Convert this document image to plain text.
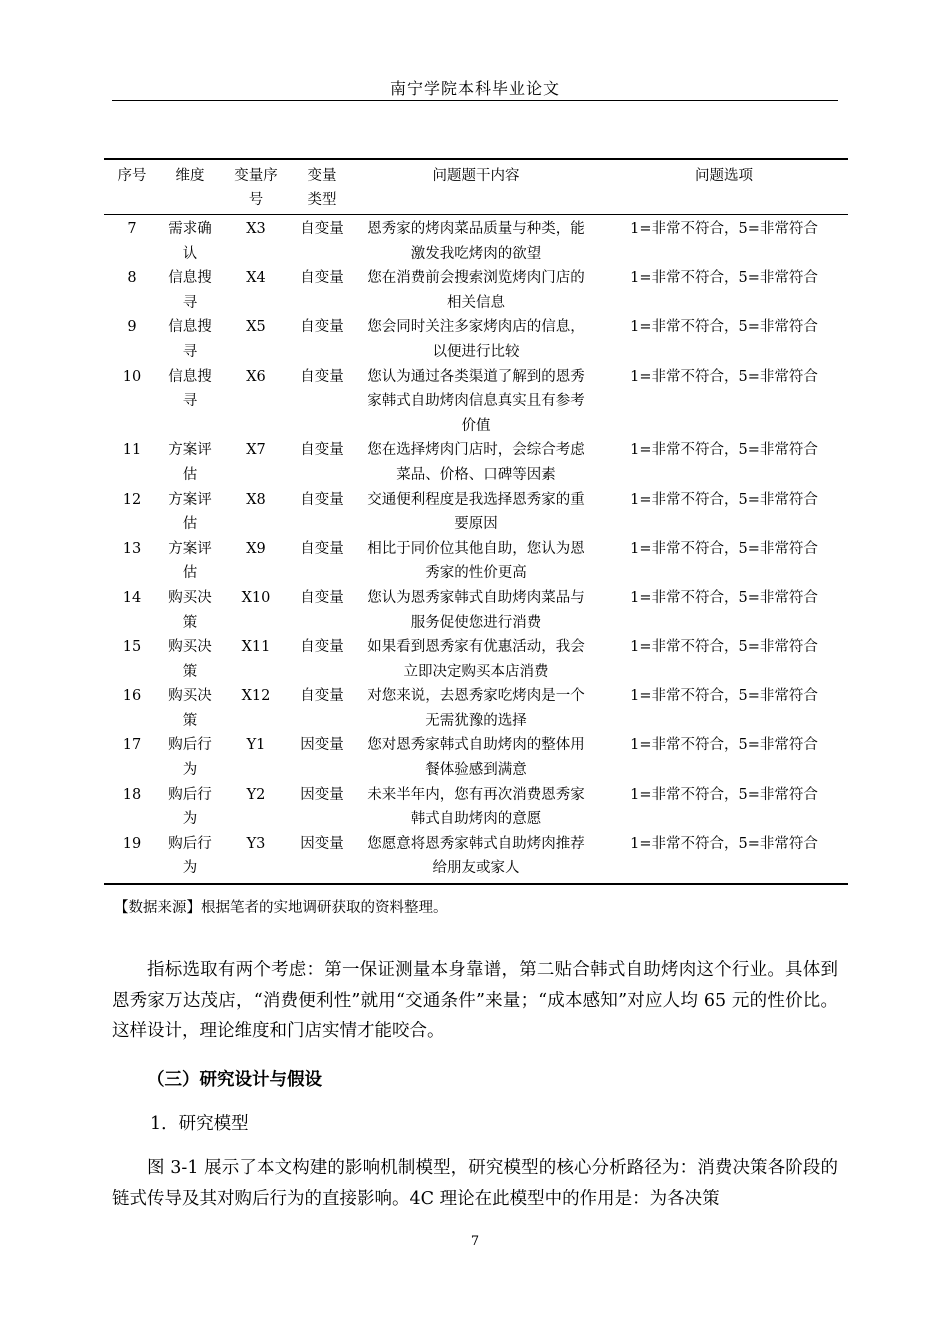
南宁学院本科毕业论文
序号	维度	变量序号	变量类型	问题题干内容	问题选项
7	需求确认	X3	自变量	恩秀家的烤肉菜品质量与种类，能激发我吃烤肉的欲望	1=非常不符合，5=非常符合
8	信息搜寻	X4	自变量	您在消费前会搜索浏览烤肉门店的相关信息	1=非常不符合，5=非常符合
9	信息搜寻	X5	自变量	您会同时关注多家烤肉店的信息，以便进行比较	1=非常不符合，5=非常符合
10	信息搜寻	X6	自变量	您认为通过各类渠道了解到的恩秀家韩式自助烤肉信息真实且有参考价值	1=非常不符合，5=非常符合
11	方案评估	X7	自变量	您在选择烤肉门店时，会综合考虑菜品、价格、口碑等因素	1=非常不符合，5=非常符合
12	方案评估	X8	自变量	交通便利程度是我选择恩秀家的重要原因	1=非常不符合，5=非常符合
13	方案评估	X9	自变量	相比于同价位其他自助，您认为恩秀家的性价更高	1=非常不符合，5=非常符合
14	购买决策	X10	自变量	您认为恩秀家韩式自助烤肉菜品与服务促使您进行消费	1=非常不符合，5=非常符合
15	购买决策	X11	自变量	如果看到恩秀家有优惠活动，我会立即决定购买本店消费	1=非常不符合，5=非常符合
16	购买决策	X12	自变量	对您来说，去恩秀家吃烤肉是一个无需犹豫的选择	1=非常不符合，5=非常符合
17	购后行为	Y1	因变量	您对恩秀家韩式自助烤肉的整体用餐体验感到满意	1=非常不符合，5=非常符合
18	购后行为	Y2	因变量	未来半年内，您有再次消费恩秀家韩式自助烤肉的意愿	1=非常不符合，5=非常符合
19	购后行为	Y3	因变量	您愿意将恩秀家韩式自助烤肉推荐给朋友或家人	1=非常不符合，5=非常符合
【数据来源】根据笔者的实地调研获取的资料整理。
指标选取有两个考虑：第一保证测量本身靠谱，第二贴合韩式自助烤肉这个行业。具体到恩秀家万达茂店，“消费便利性”就用“交通条件”来量；“成本感知”对应人均 65 元的性价比。这样设计，理论维度和门店实情才能咬合。
（三）研究设计与假设
1．研究模型
图 3-1 展示了本文构建的影响机制模型，研究模型的核心分析路径为：消费决策各阶段的链式传导及其对购后行为的直接影响。4C 理论在此模型中的作用是：为各决策
7
